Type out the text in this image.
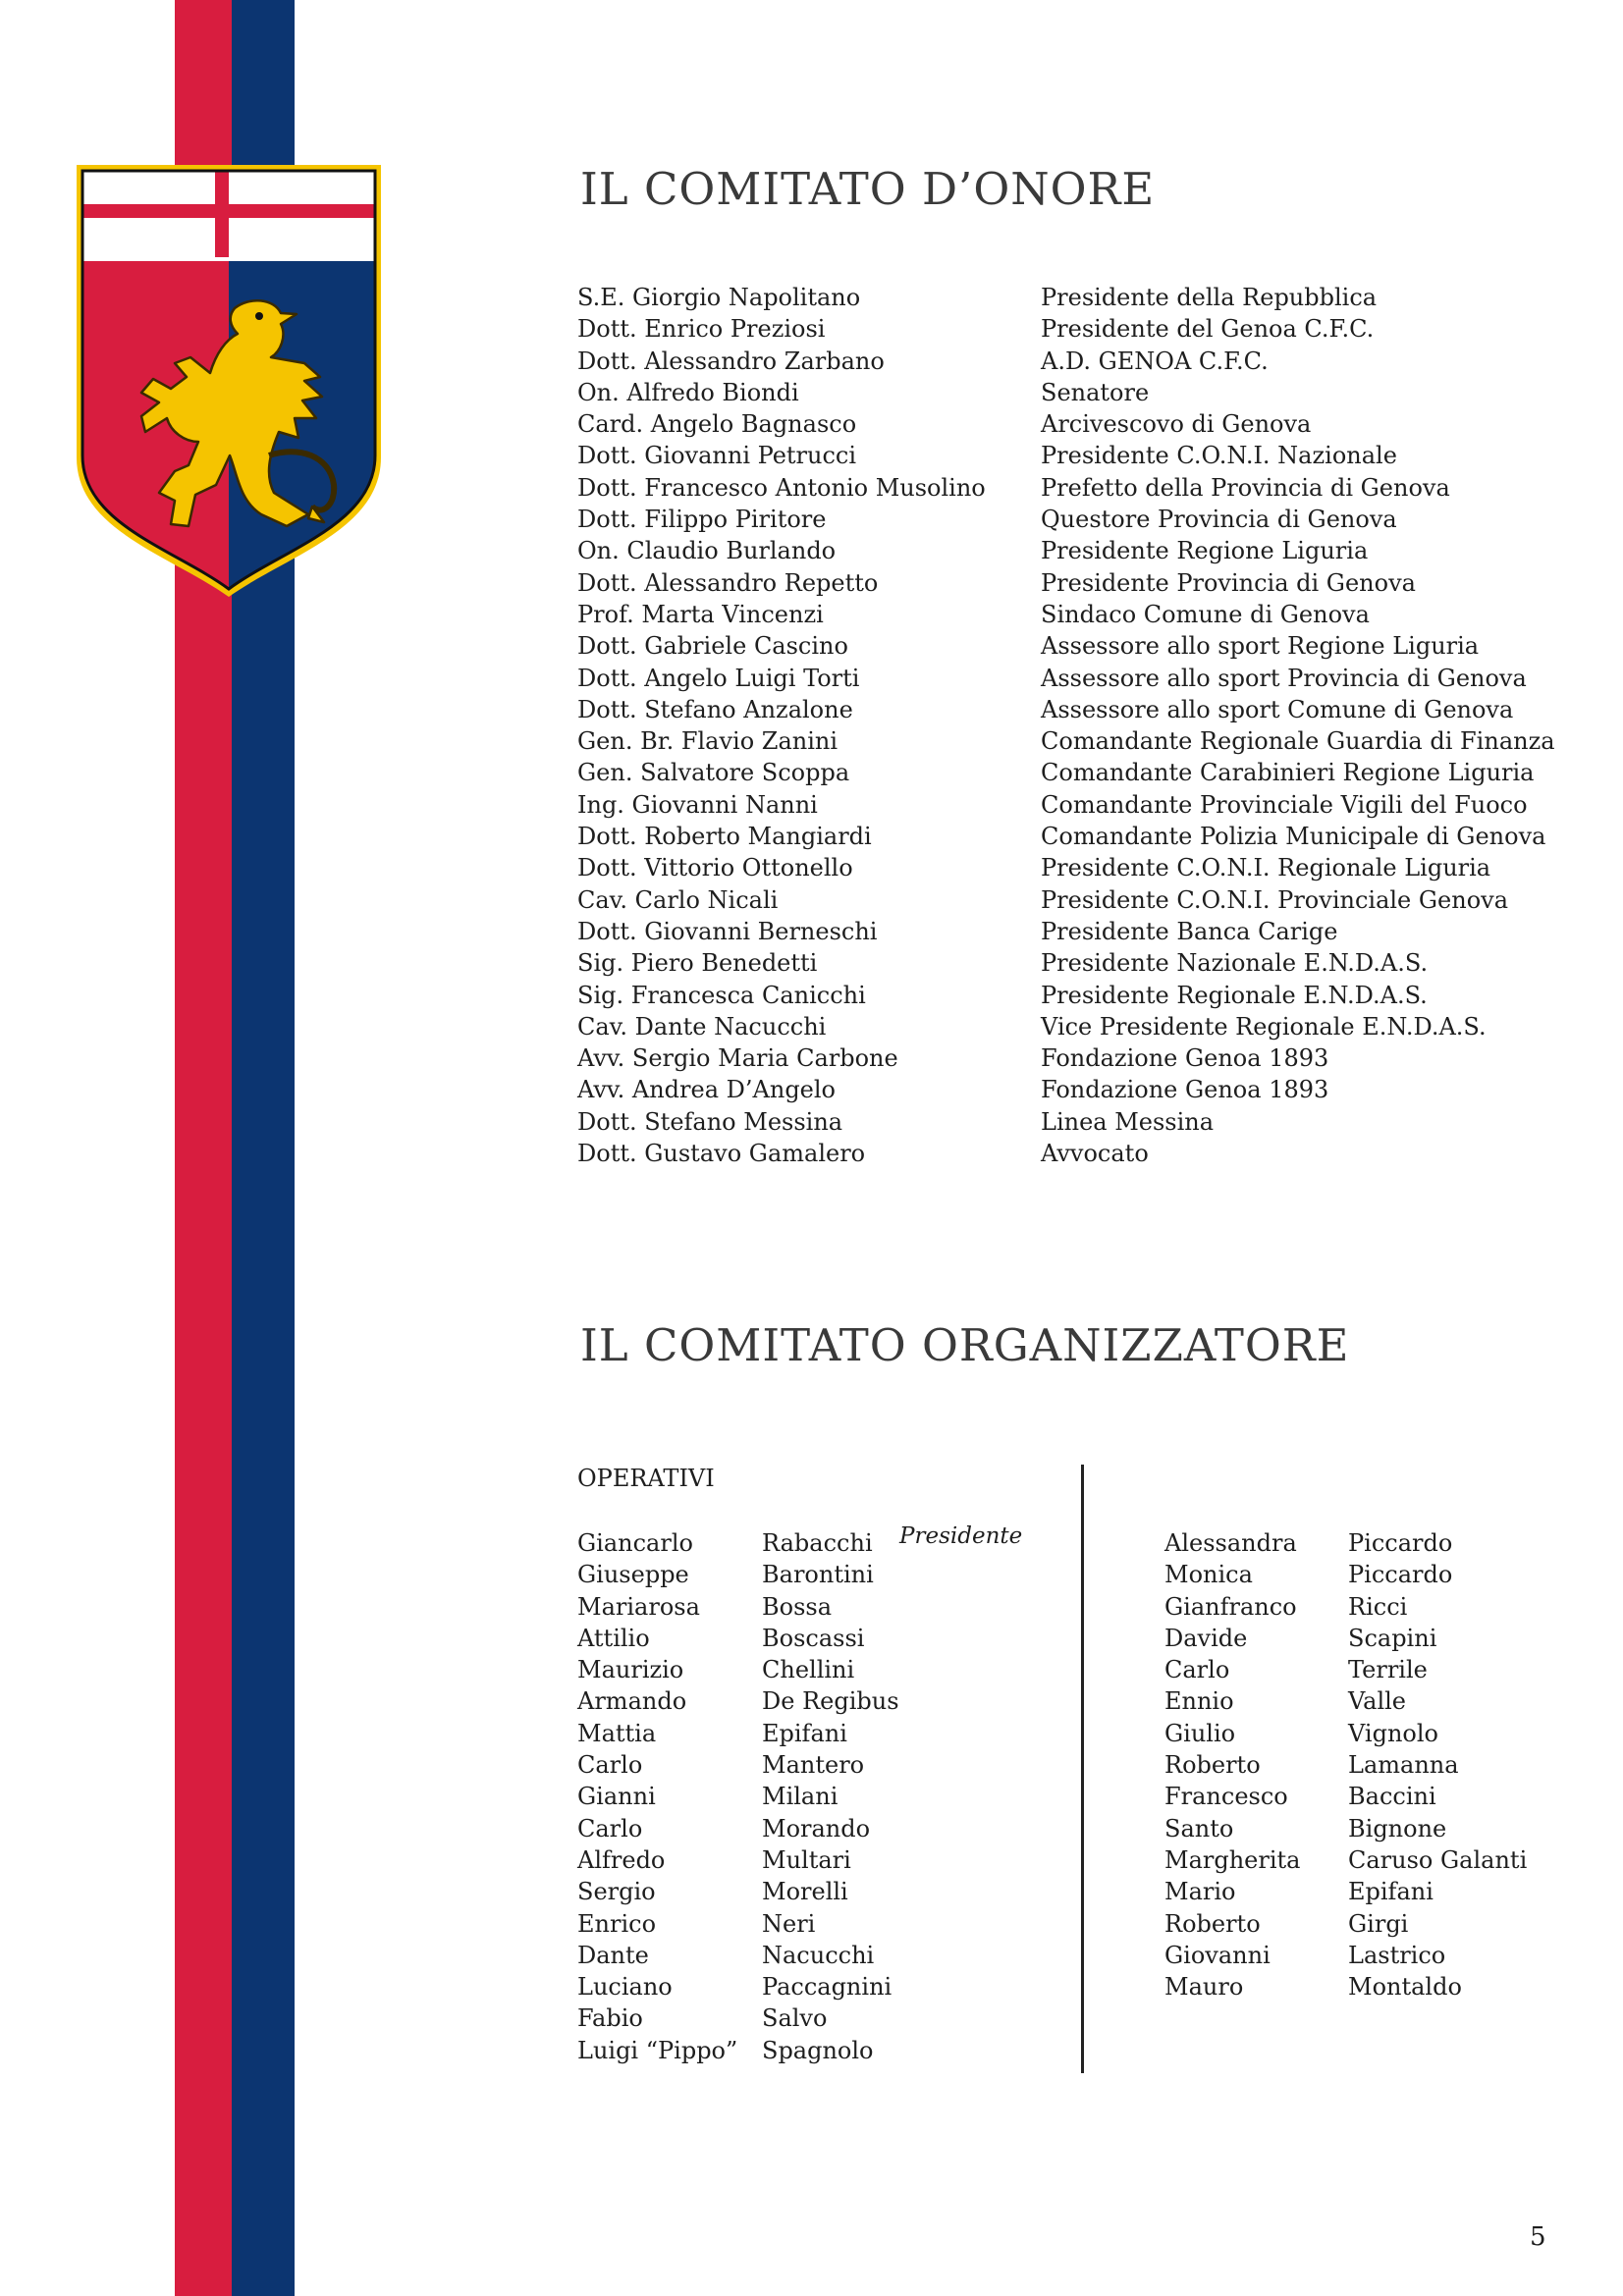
IL COMITATO D’ONORE
S.E. Giorgio Napolitano	Presidente della Repubblica
Dott. Enrico Preziosi	Presidente del Genoa C.F.C.
Dott. Alessandro Zarbano	A.D. GENOA C.F.C.
On. Alfredo Biondi	Senatore
Card. Angelo Bagnasco	Arcivescovo di Genova
Dott. Giovanni Petrucci	Presidente C.O.N.I. Nazionale
Dott. Francesco Antonio Musolino	Prefetto della Provincia di Genova
Dott. Filippo Piritore	Questore Provincia di Genova
On. Claudio Burlando	Presidente Regione Liguria
Dott. Alessandro Repetto	Presidente Provincia di Genova
Prof. Marta Vincenzi	Sindaco Comune di Genova
Dott. Gabriele Cascino	Assessore allo sport Regione Liguria
Dott. Angelo Luigi Torti	Assessore allo sport Provincia di Genova
Dott. Stefano Anzalone	Assessore allo sport Comune di Genova
Gen. Br. Flavio Zanini	Comandante Regionale Guardia di Finanza
Gen. Salvatore Scoppa	Comandante Carabinieri Regione Liguria
Ing. Giovanni Nanni	Comandante Provinciale Vigili del Fuoco
Dott. Roberto Mangiardi	Comandante Polizia Municipale di Genova
Dott. Vittorio Ottonello	Presidente C.O.N.I. Regionale Liguria
Cav. Carlo Nicali	Presidente C.O.N.I. Provinciale Genova
Dott. Giovanni Berneschi	Presidente Banca Carige
Sig. Piero Benedetti	Presidente Nazionale E.N.D.A.S.
Sig. Francesca Canicchi	Presidente Regionale E.N.D.A.S.
Cav. Dante Nacucchi	Vice Presidente Regionale E.N.D.A.S.
Avv. Sergio Maria Carbone	Fondazione Genoa 1893
Avv. Andrea D’Angelo	Fondazione Genoa 1893
Dott. Stefano Messina	Linea Messina
Dott. Gustavo Gamalero	Avvocato
IL COMITATO ORGANIZZATORE
OPERATIVI
Presidente
Giancarlo	Rabacchi
Giuseppe	Barontini
Mariarosa	Bossa
Attilio	Boscassi
Maurizio	Chellini
Armando	De Regibus
Mattia	Epifani
Carlo	Mantero
Gianni	Milani
Carlo	Morando
Alfredo	Multari
Sergio	Morelli
Enrico	Neri
Dante	Nacucchi
Luciano	Paccagnini
Fabio	Salvo
Luigi “Pippo”	Spagnolo
Alessandra	Piccardo
Monica	Piccardo
Gianfranco	Ricci
Davide	Scapini
Carlo	Terrile
Ennio	Valle
Giulio	Vignolo
Roberto	Lamanna
Francesco	Baccini
Santo	Bignone
Margherita	Caruso Galanti
Mario	Epifani
Roberto	Girgi
Giovanni	Lastrico
Mauro	Montaldo
5
